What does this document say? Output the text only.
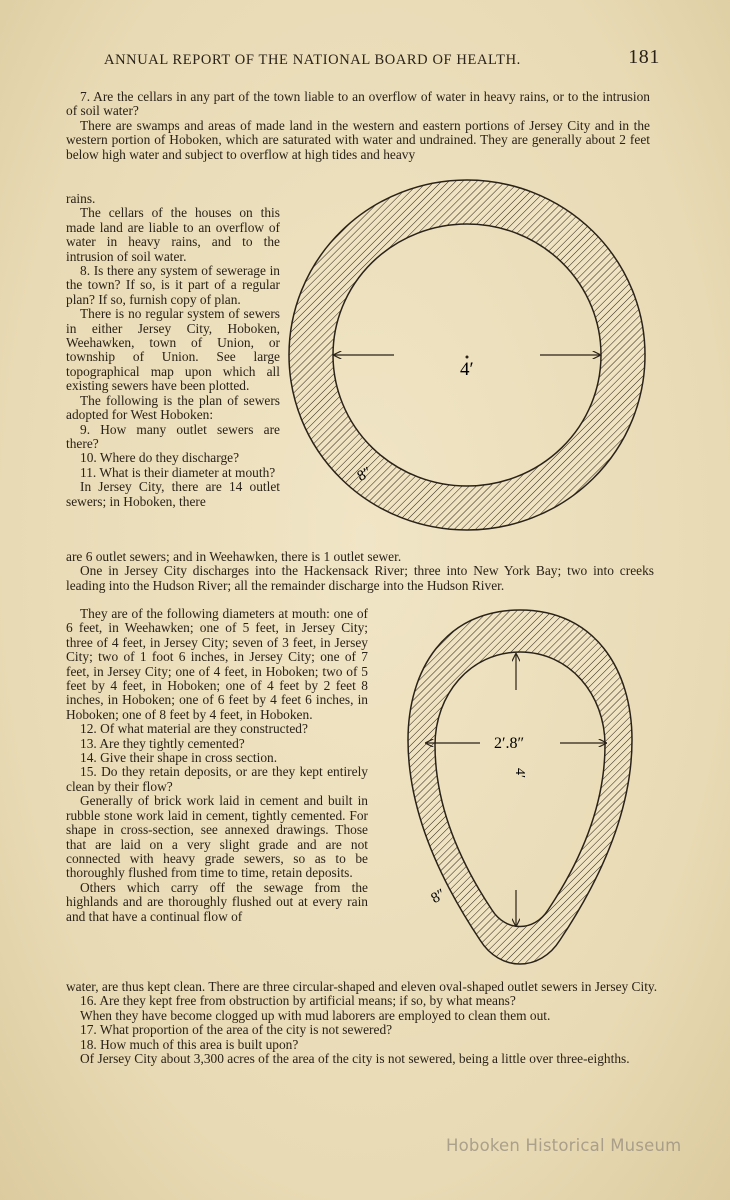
ANNUAL REPORT OF THE NATIONAL BOARD OF HEALTH.	181

7. Are the cellars in any part of the town liable to an overflow of water in heavy rains, or to the intrusion of soil water?

There are swamps and areas of made land in the western and eastern portions of Jersey City and in the western portion of Hoboken, which are saturated with water and undrained. They are generally about 2 feet below high water and subject to overflow at high tides and heavy

rains.

The cellars of the houses on this made land are liable to an overflow of water in heavy rains, and to the intrusion of soil water.

8. Is there any system of sewerage in the town? If so, is it part of a regular plan? If so, furnish copy of plan.

There is no regular system of sewers in either Jersey City, Hoboken, Weehawken, town of Union, or township of Union. See large topographical map upon which all existing sewers have been plotted.

The following is the plan of sewers adopted for West Hoboken:

9. How many outlet sewers are there?

10. Where do they discharge?

11. What is their diameter at mouth?

In Jersey City, there are 14 outlet sewers; in Hoboken, there

4′
8″

are 6 outlet sewers; and in Weehawken, there is 1 outlet sewer.

One in Jersey City discharges into the Hackensack River; three into New York Bay; two into creeks leading into the Hudson River; all the remainder discharge into the Hudson River.

They are of the following diameters at mouth: one of 6 feet, in Weehawken; one of 5 feet, in Jersey City; three of 4 feet, in Jersey City; seven of 3 feet, in Jersey City; two of 1 foot 6 inches, in Jersey City; one of 7 feet, in Jersey City; one of 4 feet, in Hoboken; two of 5 feet by 4 feet, in Hoboken; one of 4 feet by 2 feet 8 inches, in Hoboken; one of 6 feet by 4 feet 6 inches, in Hoboken; one of 8 feet by 4 feet, in Hoboken.

12. Of what material are they constructed?

13. Are they tightly cemented?

14. Give their shape in cross section.

15. Do they retain deposits, or are they kept entirely clean by their flow?

Generally of brick work laid in cement and built in rubble stone work laid in cement, tightly cemented. For shape in cross-section, see annexed drawings. Those that are laid on a very slight grade and are not connected with heavy grade sewers, so as to be thoroughly flushed from time to time, retain deposits.

Others which carry off the sewage from the highlands and are thoroughly flushed out at every rain and that have a continual flow of

2′.8″
4′
8″

water, are thus kept clean. There are three circular-shaped and eleven oval-shaped outlet sewers in Jersey City.

16. Are they kept free from obstruction by artificial means; if so, by what means?

When they have become clogged up with mud laborers are employed to clean them out.

17. What proportion of the area of the city is not sewered?

18. How much of this area is built upon?

Of Jersey City about 3,300 acres of the area of the city is not sewered, being a little over three-eighths.

Hoboken Historical Museum
